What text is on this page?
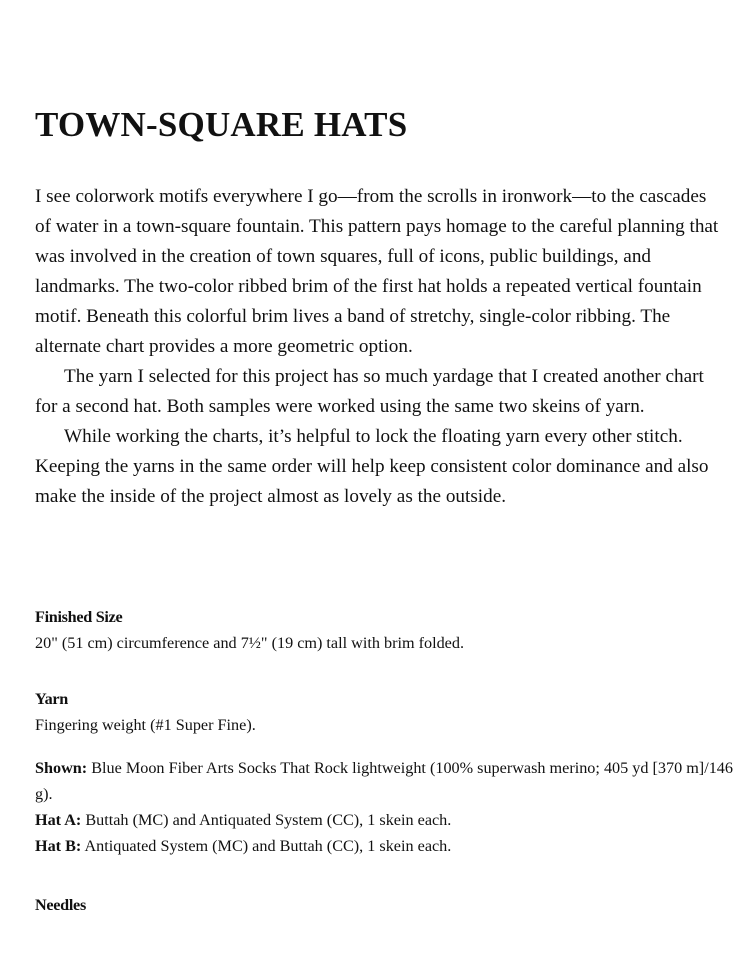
TOWN-SQUARE HATS

I see colorwork motifs everywhere I go—from the scrolls in ironwork—to the cascades of water in a town-square fountain. This pattern pays homage to the careful planning that was involved in the creation of town squares, full of icons, public buildings, and landmarks. The two-color ribbed brim of the first hat holds a repeated vertical fountain motif. Beneath this colorful brim lives a band of stretchy, single-color ribbing. The alternate chart provides a more geometric option.

The yarn I selected for this project has so much yardage that I created another chart for a second hat. Both samples were worked using the same two skeins of yarn.

While working the charts, it’s helpful to lock the floating yarn every other stitch. Keeping the yarns in the same order will help keep consistent color dominance and also make the inside of the project almost as lovely as the outside.

Finished Size
20" (51 cm) circumference and 7½" (19 cm) tall with brim folded.
Yarn
Fingering weight (#1 Super Fine).
Shown: Blue Moon Fiber Arts Socks That Rock lightweight (100% superwash merino; 405 yd [370 m]/146 g).
Hat A: Buttah (MC) and Antiquated System (CC), 1 skein each.
Hat B: Antiquated System (MC) and Buttah (CC), 1 skein each.
Needles
